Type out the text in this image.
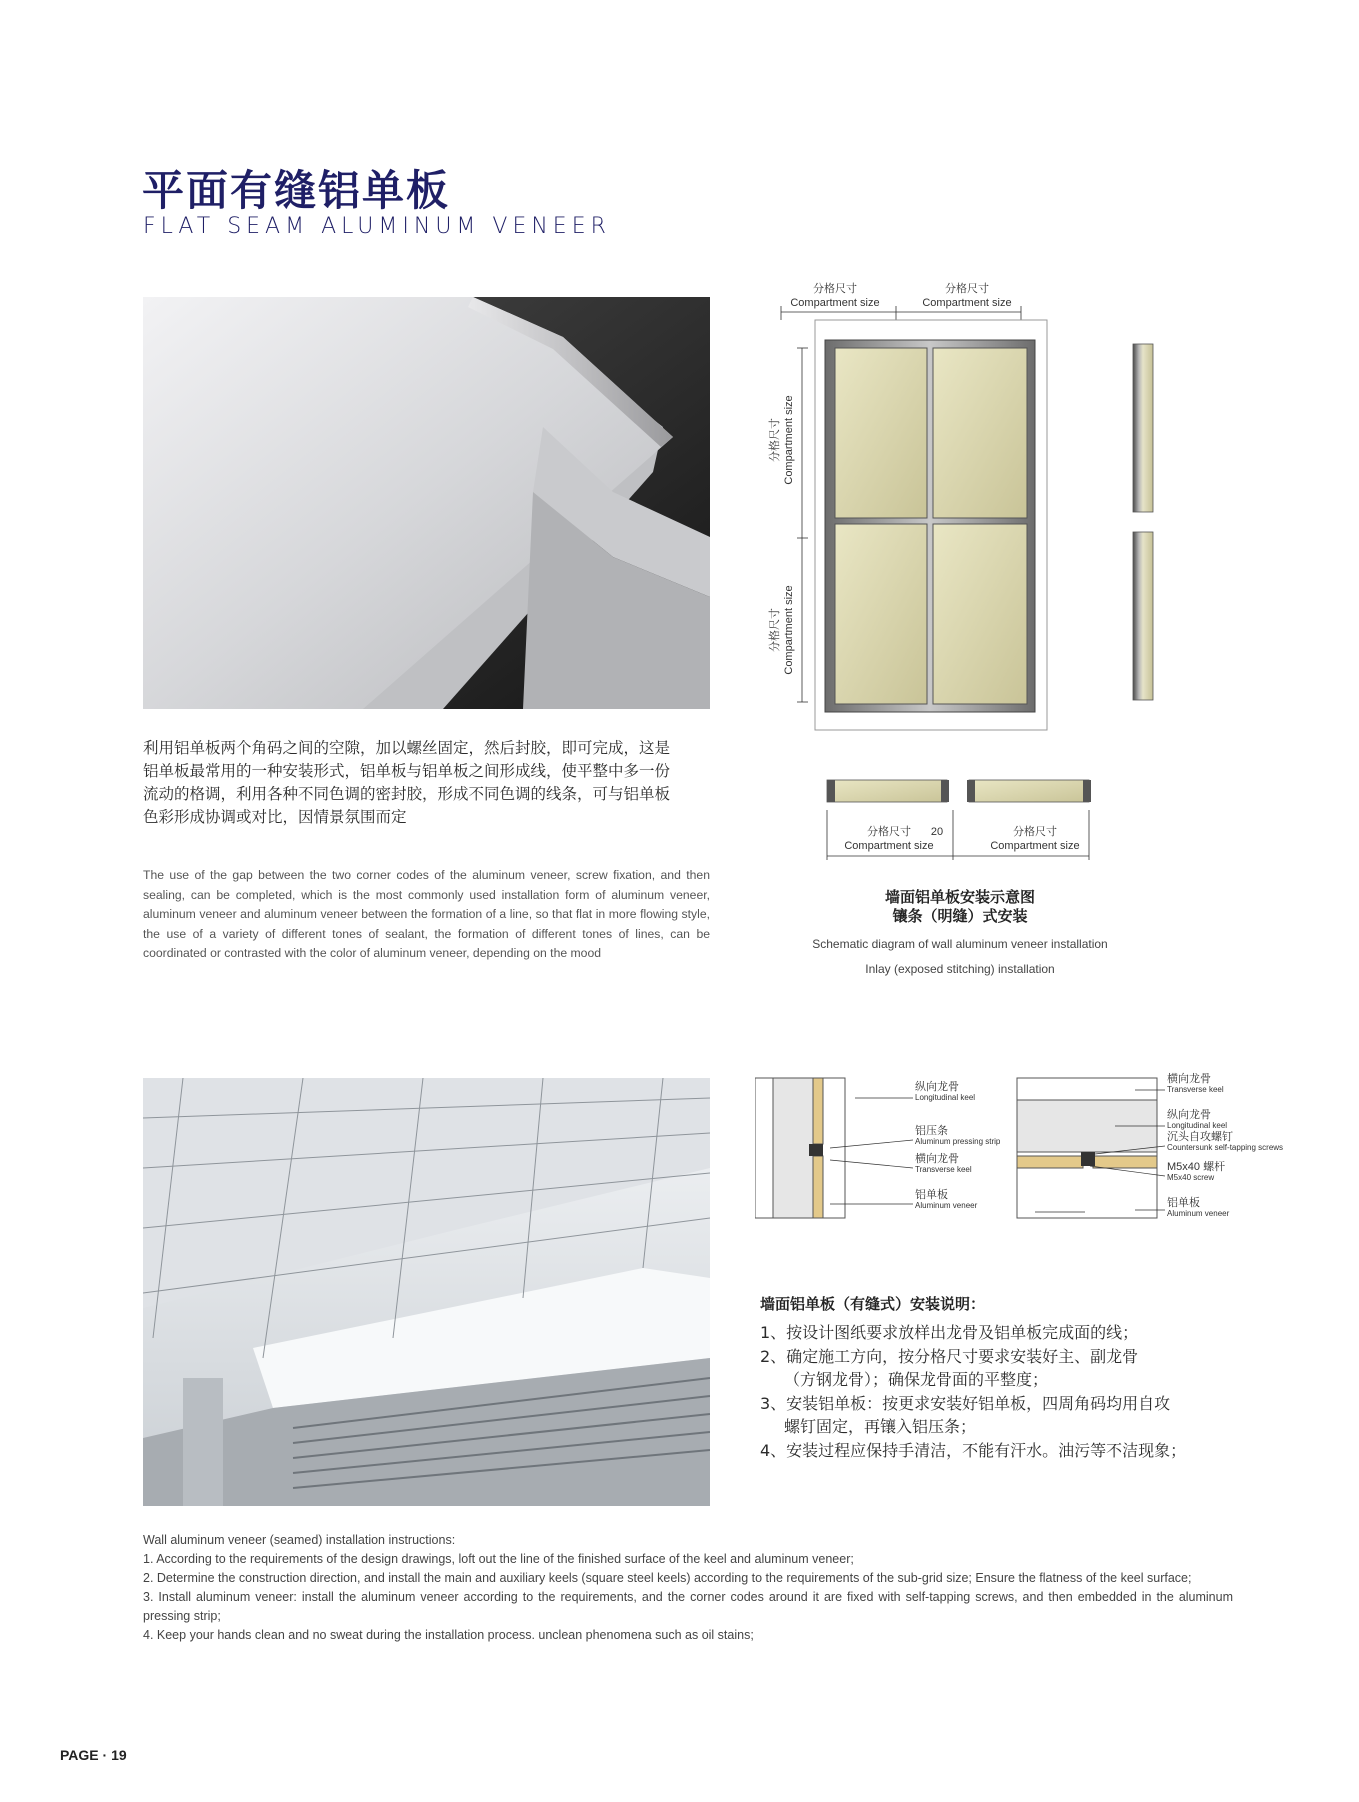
平面有缝铝单板
FLAT SEAM ALUMINUM VENEER
利用铝单板两个角码之间的空隙，加以螺丝固定，然后封胶，即可完成，这是
铝单板最常用的一种安装形式，铝单板与铝单板之间形成线，使平整中多一份
流动的格调，利用各种不同色调的密封胶，形成不同色调的线条，可与铝单板
色彩形成协调或对比，因情景氛围而定
The use of the gap between the two corner codes of the aluminum veneer, screw fixation, and then sealing, can be completed, which is the most commonly used installation form of aluminum veneer, aluminum veneer and aluminum veneer between the formation of a line, so that flat in more flowing style, the use of a variety of different tones of sealant, the formation of different tones of lines, can be coordinated or contrasted with the color of aluminum veneer, depending on the mood
分格尺寸
Compartment size
分格尺寸
Compartment size
分格尺寸 Compartment size
分格尺寸 Compartment size
分格尺寸
Compartment size
20	分格尺寸
Compartment size
墙面铝单板安装示意图
镶条（明缝）式安装
Schematic diagram of wall aluminum veneer installation
Inlay (exposed stitching) installation
纵向龙骨
Longitudinal keel
铝压条
Aluminum pressing strip
横向龙骨
Transverse keel
铝单板
Aluminum veneer
横向龙骨
Transverse keel
纵向龙骨
Longitudinal keel
沉头自攻螺钉
Countersunk self-tapping screws
M5x40 螺杆
M5x40 screw
铝单板
Aluminum veneer
墙面铝单板（有缝式）安装说明：
1、按设计图纸要求放样出龙骨及铝单板完成面的线；
2、确定施工方向，按分格尺寸要求安装好主、副龙骨
（方钢龙骨）；确保龙骨面的平整度；
3、安装铝单板：按更求安装好铝单板，四周角码均用自攻
螺钉固定，再镶入铝压条；
4、安装过程应保持手清洁，不能有汗水。油污等不洁现象；
Wall aluminum veneer (seamed) installation instructions:
1. According to the requirements of the design drawings, loft out the line of the finished surface of the keel and aluminum veneer;
2. Determine the construction direction, and install the main and auxiliary keels (square steel keels) according to the requirements of the sub-grid size; Ensure the flatness of the keel surface;
3. Install aluminum veneer: install the aluminum veneer according to the requirements, and the corner codes around it are fixed with self-tapping screws, and then embedded in the aluminum pressing strip;
4. Keep your hands clean and no sweat during the installation process. unclean phenomena such as oil stains;
PAGE · 19
